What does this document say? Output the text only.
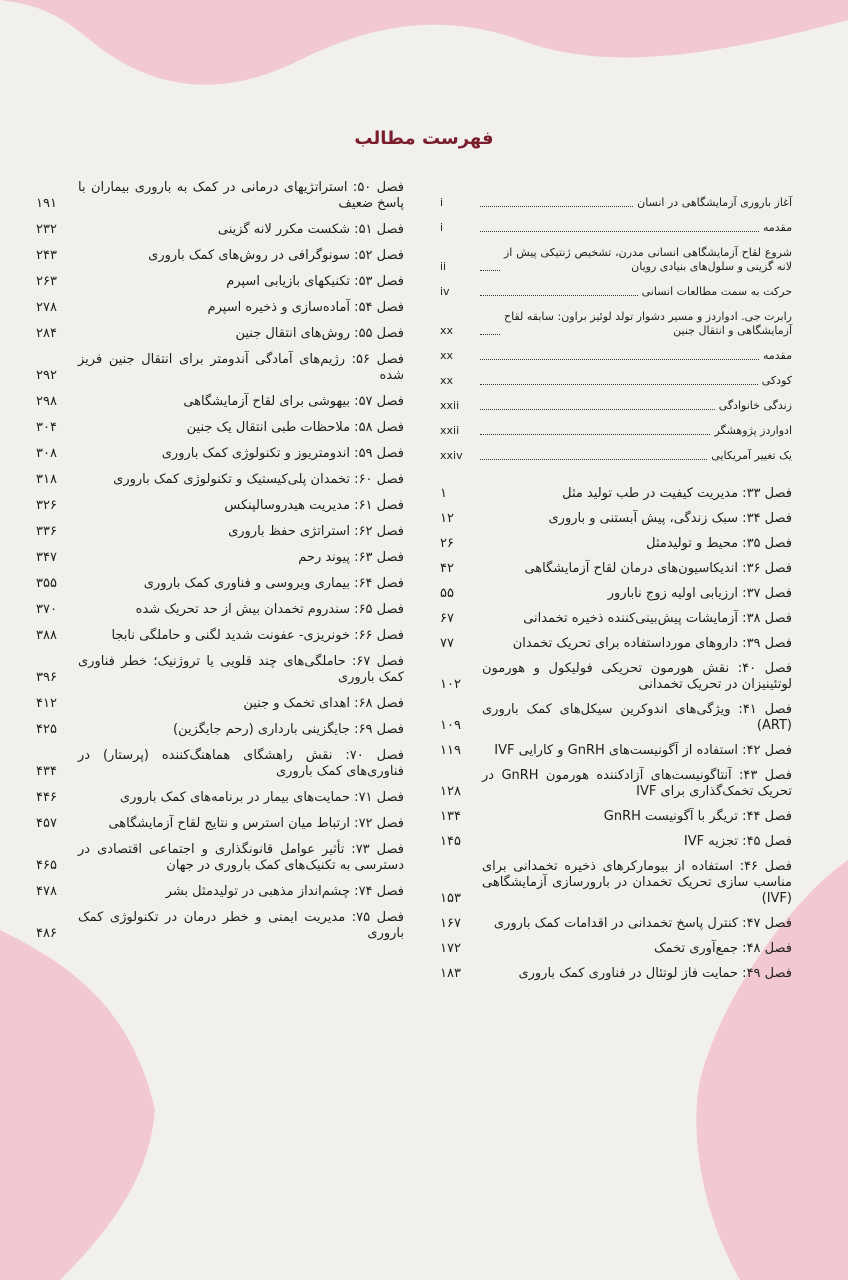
فهرست مطالب
فصل ۵۰: استراتژیهای درمانی در کمک به باروری بیماران با پاسخ ضعیف
۱۹۱
فصل ۵۱: شکست مکرر لانه گزینی
۲۳۲
فصل ۵۲: سونوگرافی در روش‌های کمک باروری
۲۴۳
فصل ۵۳: تکنیکهای بازیابی اسپرم
۲۶۳
فصل ۵۴: آماده‌سازی و ذخیره اسپرم
۲۷۸
فصل ۵۵: روش‌های انتقال جنین
۲۸۴
فصل ۵۶: رژیم‌های آمادگی آندومتر برای انتقال جنین فریز شده
۲۹۲
فصل ۵۷: بیهوشی برای لقاح آزمایشگاهی
۲۹۸
فصل ۵۸: ملاحظات طبی انتقال یک جنین
۳۰۴
فصل ۵۹: اندومتریوز و تکنولوژی کمک باروری
۳۰۸
فصل ۶۰: تخمدان پلی‌کیستیک و تکنولوژی کمک باروری
۳۱۸
فصل ۶۱: مدیریت هیدروسالپنکس
۳۲۶
فصل ۶۲: استراتژی حفظ باروری
۳۳۶
فصل ۶۳: پیوند رحم
۳۴۷
فصل ۶۴: بیماری ویروسی و فناوری کمک باروری
۳۵۵
فصل ۶۵: سندروم تخمدان بیش از حد تحریک شده
۳۷۰
فصل ۶۶: خونریزی- عفونت شدید لگنی و حاملگی نابجا
۳۸۸
فصل ۶۷: حاملگی‌های چند قلویی یا تروژنیک؛ خطر فناوری کمک باروری
۳۹۶
فصل ۶۸: اهدای تخمک و جنین
۴۱۲
فصل ۶۹: جایگزینی بارداری (رحم جایگزین)
۴۲۵
فصل ۷۰: نقش راهشگای هماهنگ‌کننده (پرستار) در فناوری‌های کمک باروری
۴۳۴
فصل ۷۱: حمایت‌های بیمار در برنامه‌های کمک باروری
۴۴۶
فصل ۷۲: ارتباط میان استرس و نتایج لقاح آزمایشگاهی
۴۵۷
فصل ۷۳: تأثیر عوامل قانونگذاری و اجتماعی اقتصادی در دسترسی به تکنیک‌های کمک باروری در جهان
۴۶۵
فصل ۷۴: چشم‌انداز مذهبی در تولیدمثل بشر
۴۷۸
فصل ۷۵: مدیریت ایمنی و خطر درمان در تکنولوژی کمک باروری
۴۸۶
آغاز باروری آزمایشگاهی در انسان
i
مقدمه
i
شروع لقاح آزمایشگاهی انسانی مدرن، تشخیص ژنتیکی پیش از لانه گزینی و سلول‌های بنیادی رویان
ii
حرکت به سمت مطالعات انسانی
iv
رابرت جی. ادواردز و مسیر دشوار تولد لوئیز براون: سابقه لقاح آزمایشگاهی و انتقال جنین
xx
مقدمه
xx
کودکی
xx
زندگی خانوادگی
xxii
ادواردز پژوهشگر
xxii
یک تغییر آمریکایی
xxiv
فصل ۳۳: مدیریت کیفیت در طب تولید مثل
۱
فصل ۳۴: سبک زندگی، پیش آبستنی و باروری
۱۲
فصل ۳۵: محیط و تولیدمثل
۲۶
فصل ۳۶: اندیکاسیون‌های درمان لقاح آزمایشگاهی
۴۲
فصل ۳۷: ارزیابی اولیه زوج نابارور
۵۵
فصل ۳۸: آزمایشات پیش‌بینی‌کننده ذخیره تخمدانی
۶۷
فصل ۳۹: داروهای مورداستفاده برای تحریک تخمدان
۷۷
فصل ۴۰: نقش هورمون تحریکی فولیکول و هورمون لوتئینیزان در تحریک تخمدانی
۱۰۲
فصل ۴۱: ویژگی‌های اندوکرین سیکل‌های کمک باروری (ART)
۱۰۹
فصل ۴۲: استفاده از آگونیست‌های GnRH و کارایی IVF
۱۱۹
فصل ۴۳: آنتاگونیست‌های آزادکننده هورمون GnRH در تحریک تخمک‌گذاری برای IVF
۱۲۸
فصل ۴۴: تریگر با آگونیست GnRH
۱۳۴
فصل ۴۵: تجزیه IVF
۱۴۵
فصل ۴۶: استفاده از بیومارکرهای ذخیره تخمدانی برای مناسب سازی تحریک تخمدان در بارورسازی آزمایشگاهی (IVF)
۱۵۳
فصل ۴۷: کنترل پاسخ تخمدانی در اقدامات کمک باروری
۱۶۷
فصل ۴۸: جمع‌آوری تخمک
۱۷۲
فصل ۴۹: حمایت فاز لوتئال در فناوری کمک باروری
۱۸۳
